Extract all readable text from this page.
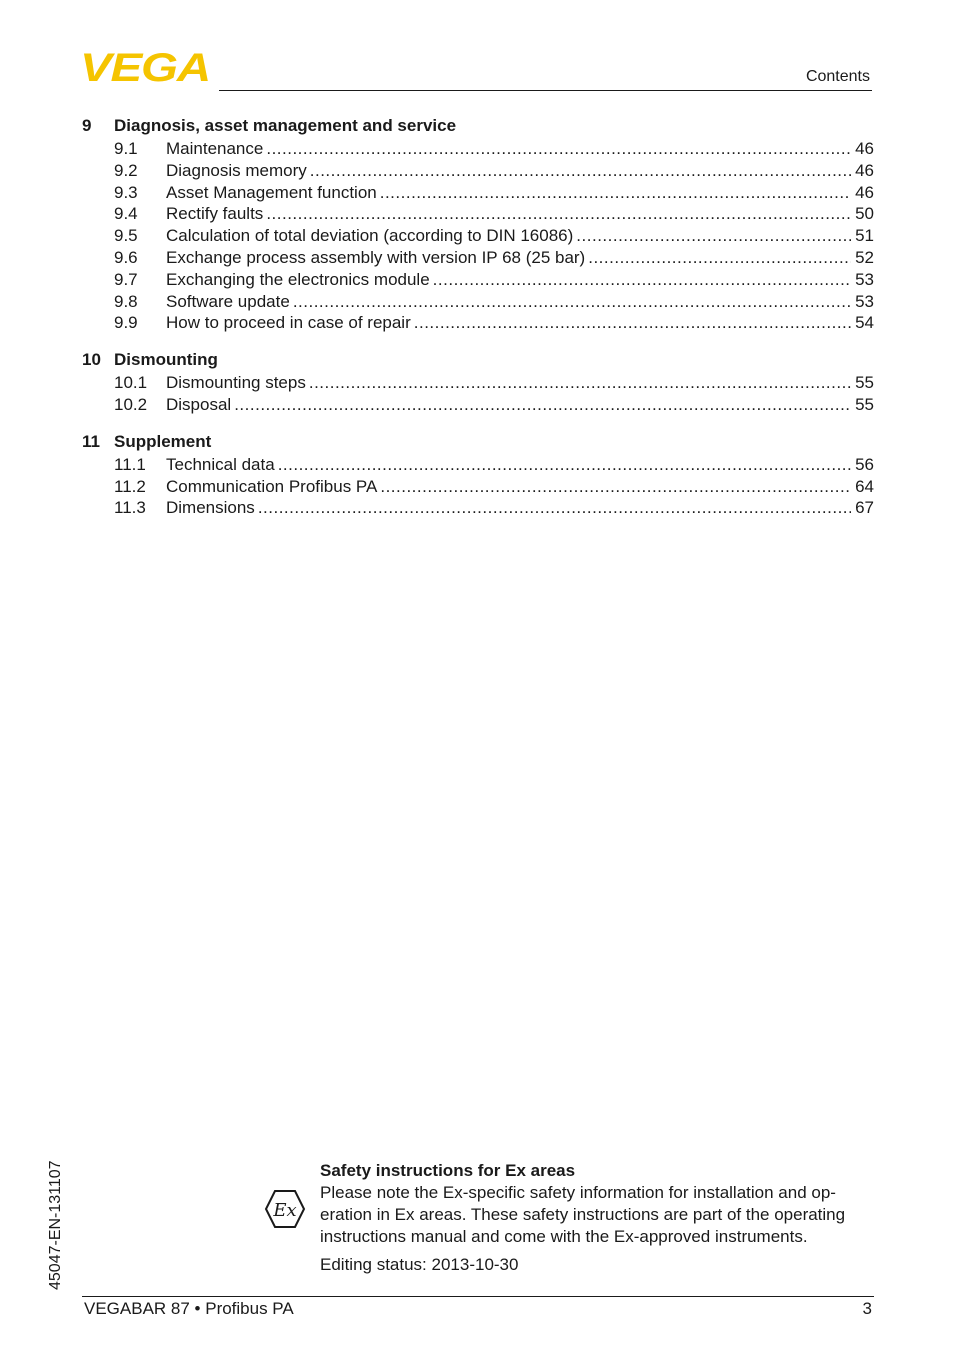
VEGA	Contents
9	Diagnosis, asset management and service
9.1	Maintenance .....	46
9.2	Diagnosis memory .....	46
9.3	Asset Management function .....	46
9.4	Rectify faults .....	50
9.5	Calculation of total deviation (according to DIN 16086) .....	51
9.6	Exchange process assembly with version IP 68 (25 bar) .....	52
9.7	Exchanging the electronics module .....	53
9.8	Software update .....	53
9.9	How to proceed in case of repair .....	54
10 Dismounting
10.1	Dismounting steps .....	55
10.2	Disposal .....	55
11 Supplement
11.1	Technical data .....	56
11.2	Communication Profibus PA .....	64
11.3	Dimensions .....	67
45047-EN-131107	Ex
Safety instructions for Ex areas
Please note the Ex-specific safety information for installation and op-eration in Ex areas. These safety instructions are part of the operating instructions manual and come with the Ex-approved instruments.
Editing status: 2013-10-30
VEGABAR 87 • Profibus PA	3
